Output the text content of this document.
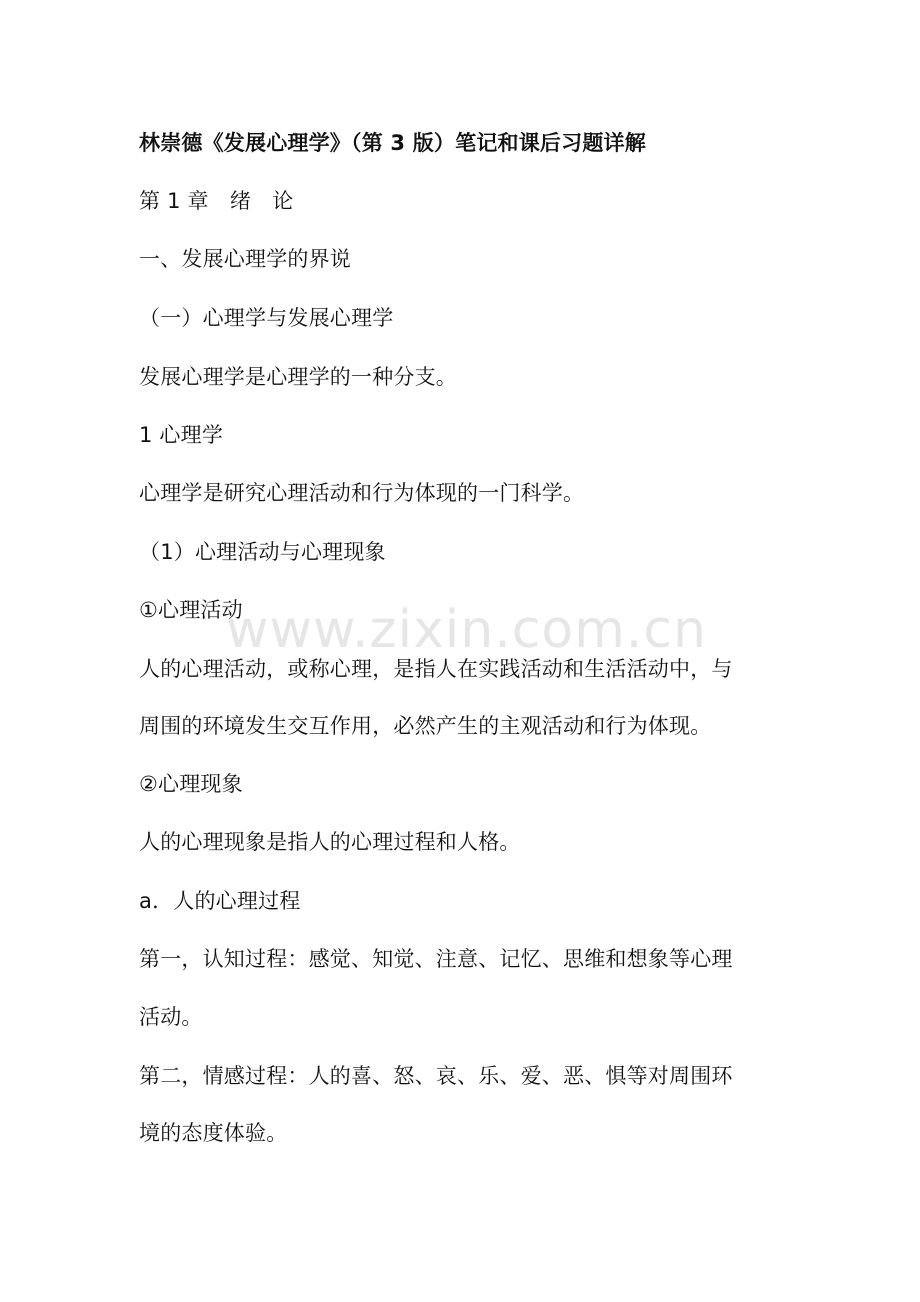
www.zixin.com.cn
林崇德《发展心理学》（第 3 版）笔记和课后习题详解
第 1 章　绪　论
一、发展心理学的界说
（一）心理学与发展心理学
发展心理学是心理学的一种分支。
1 心理学
心理学是研究心理活动和行为体现的一门科学。
（1）心理活动与心理现象
①心理活动
人的心理活动，或称心理，是指人在实践活动和生活活动中，与
周围的环境发生交互作用，必然产生的主观活动和行为体现。
②心理现象
人的心理现象是指人的心理过程和人格。
a．人的心理过程
第一，认知过程：感觉、知觉、注意、记忆、思维和想象等心理
活动。
第二，情感过程：人的喜、怒、哀、乐、爱、恶、惧等对周围环
境的态度体验。
